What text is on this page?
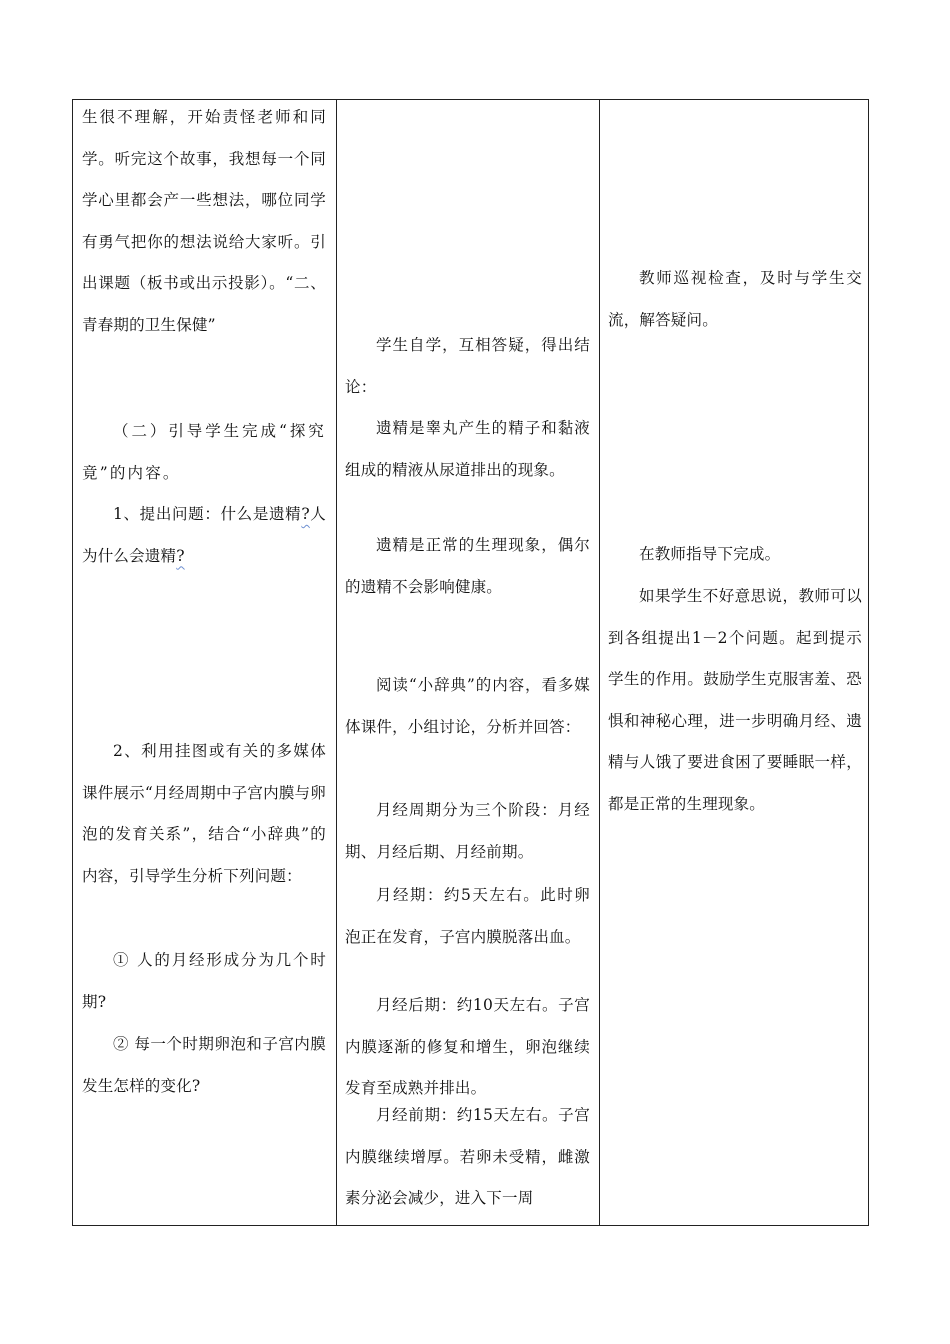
生很不理解，开始责怪老师和同学。听完这个故事，我想每一个同学心里都会产一些想法，哪位同学有勇气把你的想法说给大家听。引出课题（板书或出示投影）。“二、青春期的卫生保健”

（二）引导学生完成“探究竟”的内容。

1、提出问题：什么是遗精?人为什么会遗精?

2、利用挂图或有关的多媒体课件展示“月经周期中子宫内膜与卵泡的发育关系”，结合“小辞典”的内容，引导学生分析下列问题：

① 人的月经形成分为几个时期?

② 每一个时期卵泡和子宫内膜发生怎样的变化?

学生自学，互相答疑，得出结论：

遗精是睾丸产生的精子和黏液组成的精液从尿道排出的现象。

遗精是正常的生理现象，偶尔的遗精不会影响健康。

阅读“小辞典”的内容，看多媒体课件，小组讨论，分析并回答：

月经周期分为三个阶段：月经期、月经后期、月经前期。

月经期：约5天左右。此时卵泡正在发育，子宫内膜脱落出血。

月经后期：约10天左右。子宫内膜逐渐的修复和增生，卵泡继续发育至成熟并排出。

月经前期：约15天左右。子宫内膜继续增厚。若卵未受精，雌激素分泌会减少，进入下一周

教师巡视检查，及时与学生交流，解答疑问。

在教师指导下完成。

如果学生不好意思说，教师可以到各组提出1－2个问题。起到提示学生的作用。鼓励学生克服害羞、恐惧和神秘心理，进一步明确月经、遗精与人饿了要进食困了要睡眠一样，都是正常的生理现象。
